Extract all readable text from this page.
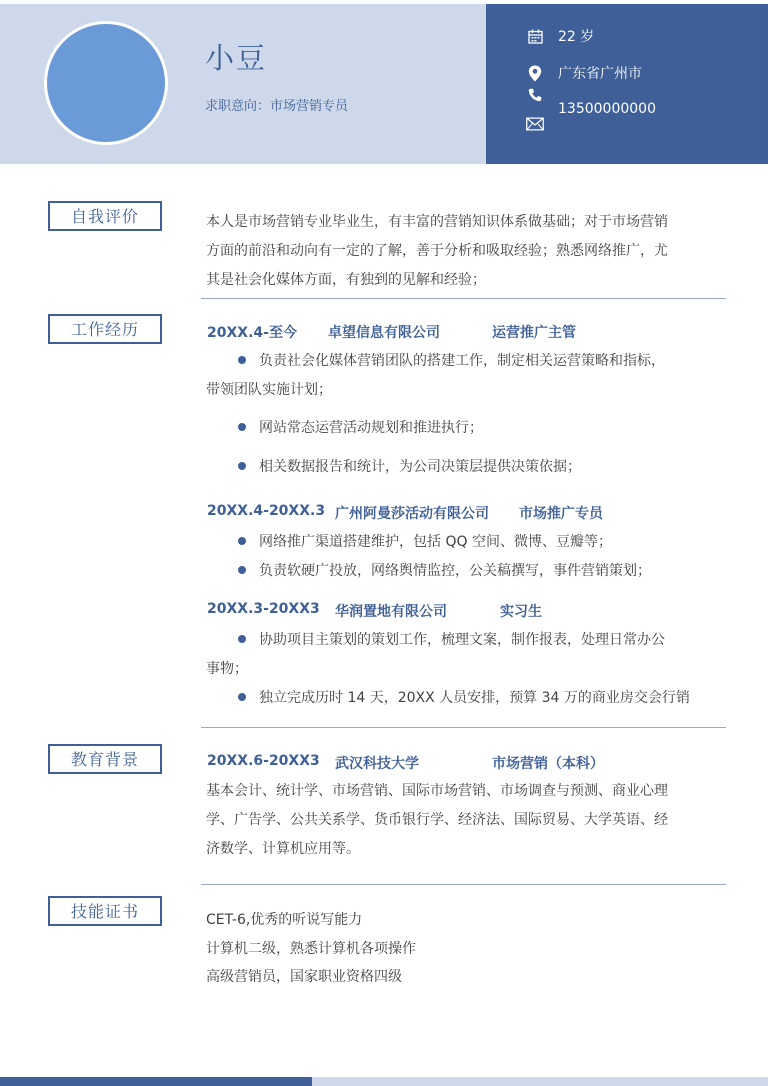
小豆
求职意向：市场营销专员
22 岁
广东省广州市
13500000000
自我评价	本人是市场营销专业毕业生，有丰富的营销知识体系做基础；对于市场营销
方面的前沿和动向有一定的了解，善于分析和吸取经验；熟悉网络推广，尤
其是社会化媒体方面，有独到的见解和经验；
工作经历	20XX.4-至今 卓望信息有限公司	运营推广主管
负责社会化媒体营销团队的搭建工作，制定相关运营策略和指标，
带领团队实施计划；
网站常态运营活动规划和推进执行；
相关数据报告和统计，为公司决策层提供决策依据；
20XX.4-20XX.3 广州阿曼莎活动有限公司 市场推广专员
网络推广渠道搭建维护，包括 QQ 空间、微博、豆瓣等；
负责软硬广投放，网络舆情监控，公关稿撰写，事件营销策划；
20XX.3-20XX3 华润置地有限公司	实习生
协助项目主策划的策划工作，梳理文案，制作报表，处理日常办公
事物；
独立完成历时 14 天，20XX 人员安排，预算 34 万的商业房交会行销
教育背景	20XX.6-20XX3 武汉科技大学	市场营销（本科）
基本会计、统计学、市场营销、国际市场营销、市场调查与预测、商业心理
学、广告学、公共关系学、货币银行学、经济法、国际贸易、大学英语、经
济数学、计算机应用等。
技能证书	CET-6,优秀的听说写能力
计算机二级，熟悉计算机各项操作
高级营销员，国家职业资格四级
